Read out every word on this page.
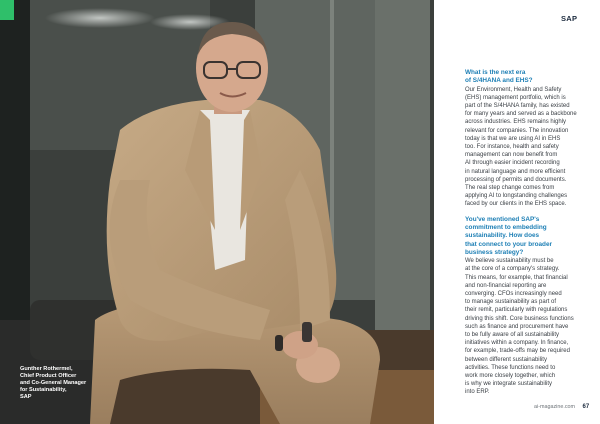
Gunther Rothermel,
Chief Product Officer
and Co-General Manager
for Sustainability,
SAP
SAP
What is the next era
of S/4HANA and EHS?
Our Environment, Health and Safety
(EHS) management portfolio, which is
part of the S/4HANA family, has existed
for many years and served as a backbone
across industries. EHS remains highly
relevant for companies. The innovation
today is that we are using AI in EHS
too. For instance, health and safety
management can now benefit from
AI through easier incident recording
in natural language and more efficient
processing of permits and documents.
The real step change comes from
applying AI to longstanding challenges
faced by our clients in the EHS space.
You've mentioned SAP's
commitment to embedding
sustainability. How does
that connect to your broader
business strategy?
We believe sustainability must be
at the core of a company's strategy.
This means, for example, that financial
and non-financial reporting are
converging. CFOs increasingly need
to manage sustainability as part of
their remit, particularly with regulations
driving this shift. Core business functions
such as finance and procurement have
to be fully aware of all sustainability
initiatives within a company. In finance,
for example, trade-offs may be required
between different sustainability
activities. These functions need to
work more closely together, which
is why we integrate sustainability
into ERP.
ai-magazine.com 67
